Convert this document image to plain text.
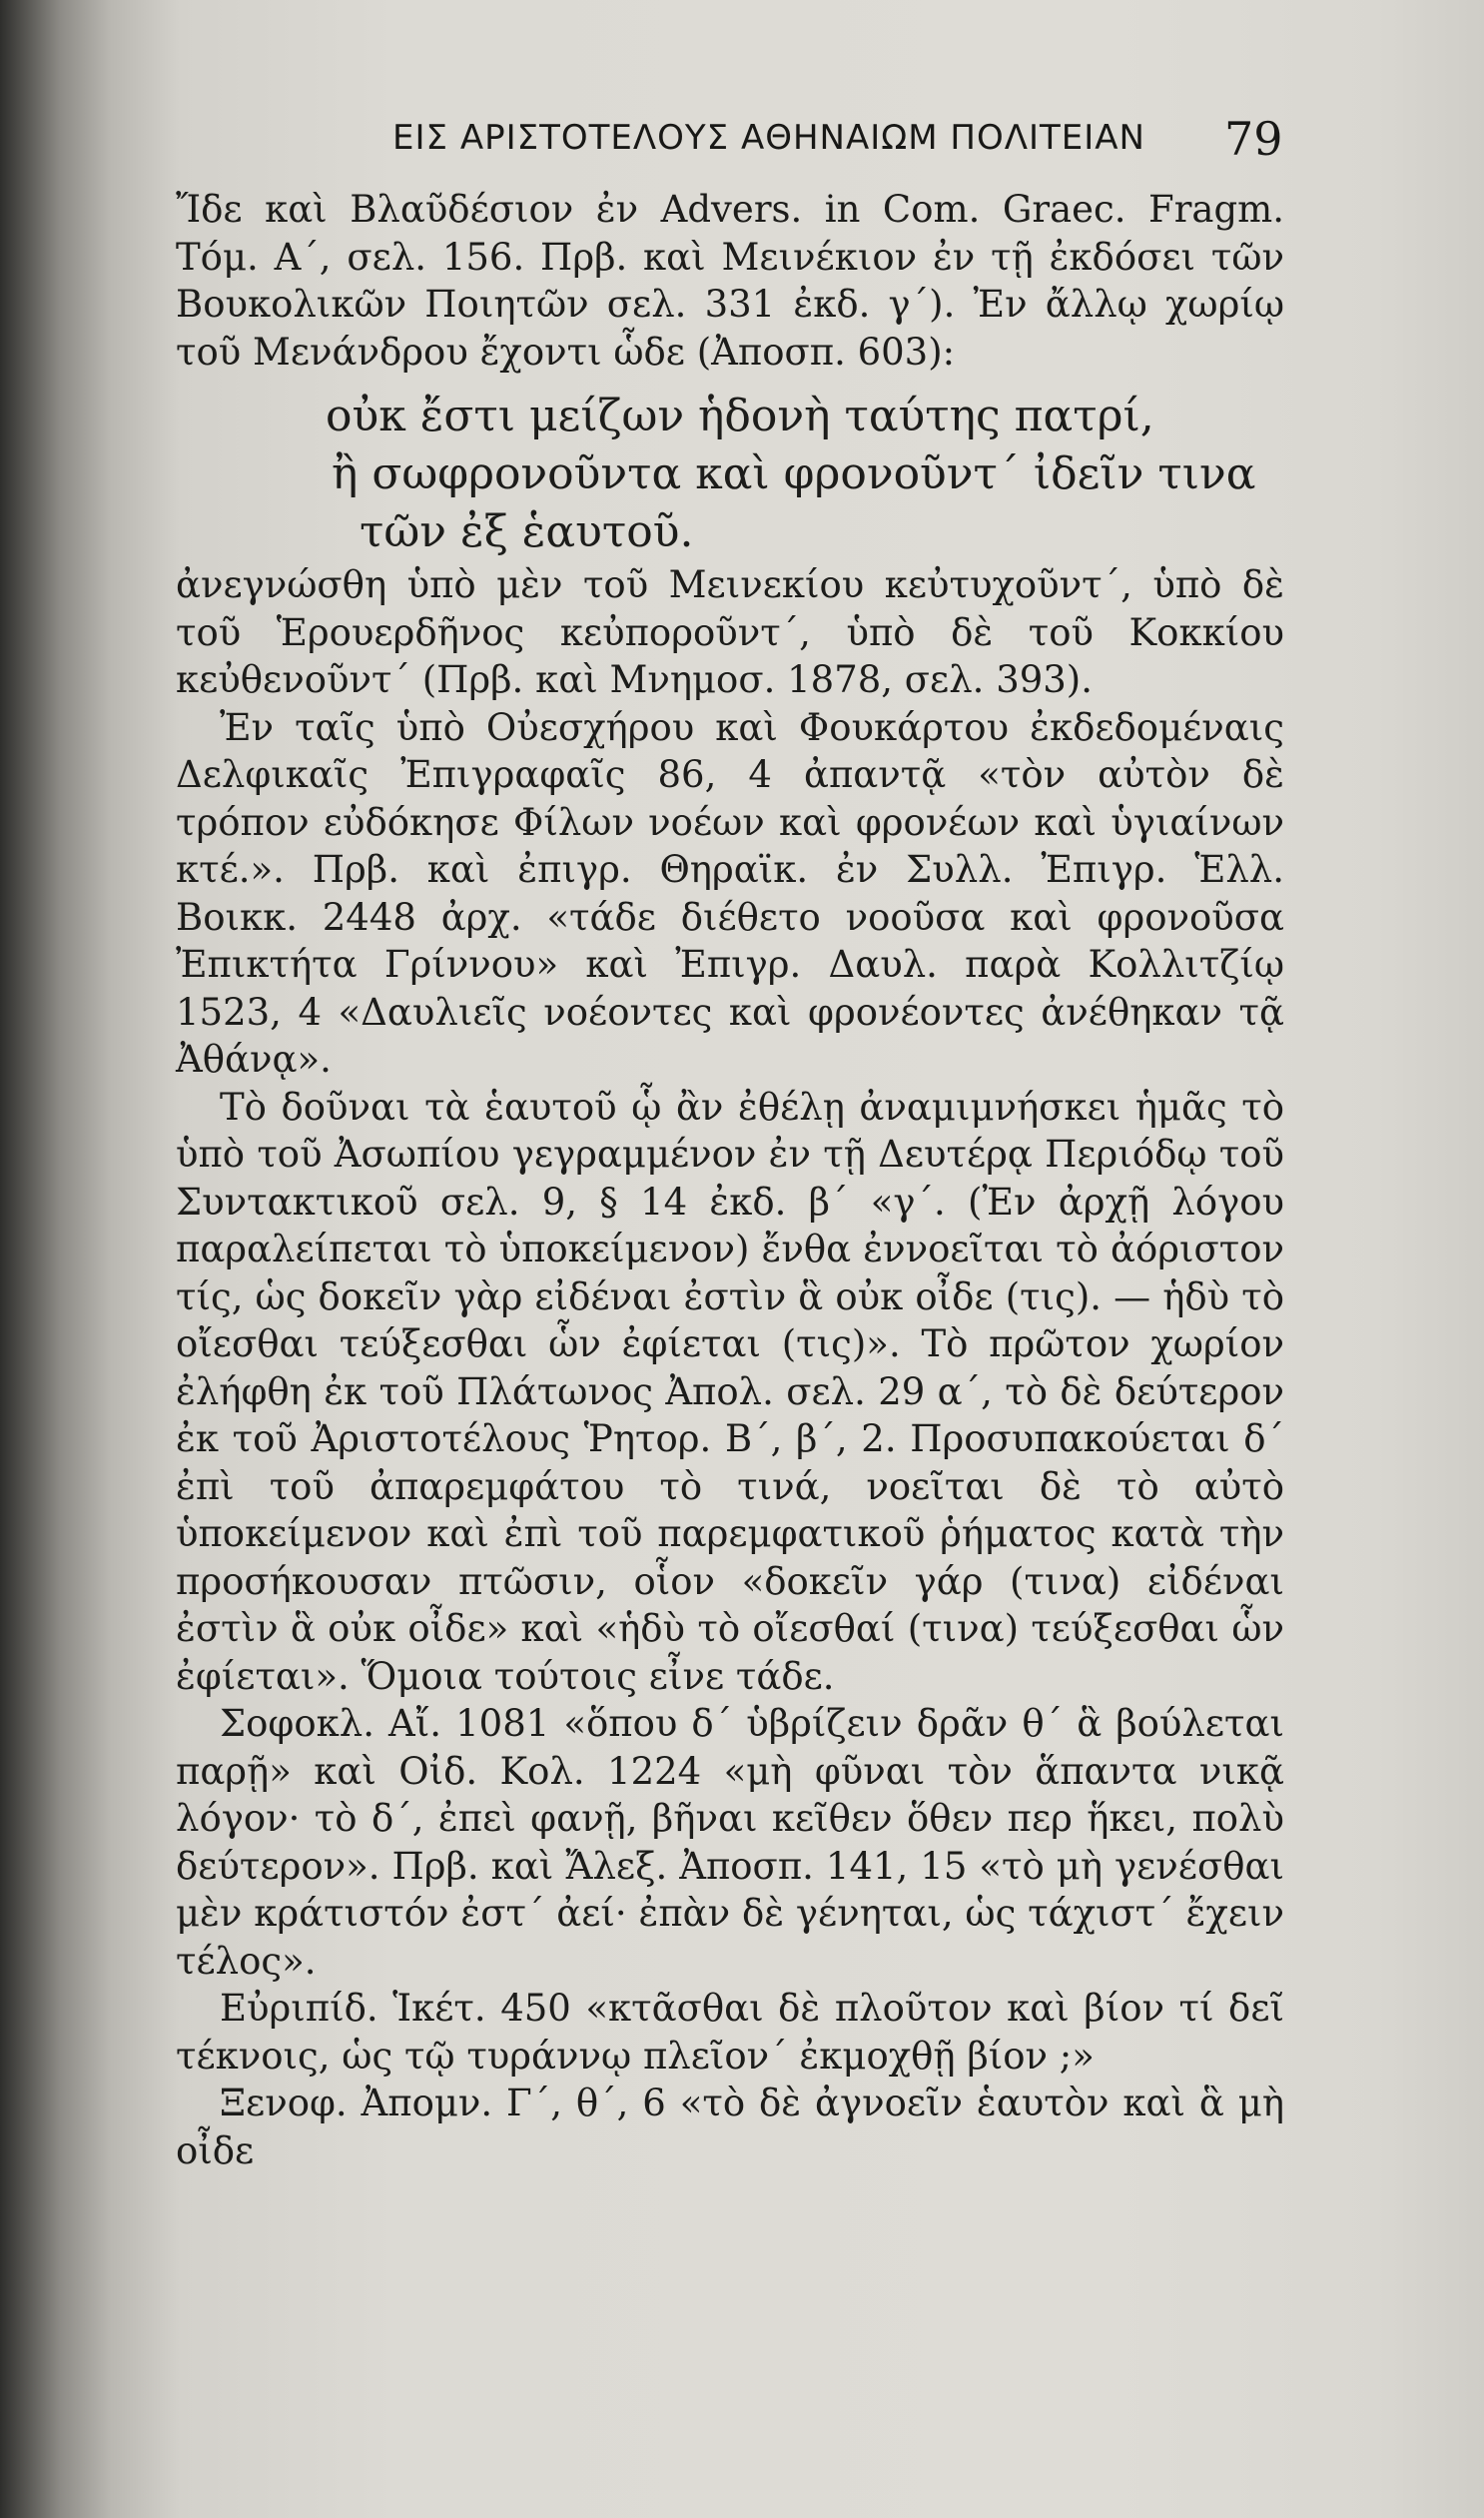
ΕΙΣ ΑΡΙΣΤΟΤΕΛΟΥΣ ΑΘΗΝΑΙΩΜ ΠΟΛΙΤΕΙΑΝ	79

Ἴδε καὶ Βλαῦδέσιον ἐν Advers. in Com. Graec. Fragm. Τόμ. Α΄, σελ. 156. Πρβ. καὶ Μεινέκιον ἐν τῇ ἐκδόσει τῶν Βουκολικῶν Ποιητῶν σελ. 331 ἐκδ. γ΄). Ἐν ἄλλῳ χωρίῳ τοῦ Μενάνδρου ἔχοντι ὧδε (Ἀποσπ. 603):

οὐκ ἔστι μείζων ἡδονὴ ταύτης πατρί,
ἢ σωφρονοῦντα καὶ φρονοῦντ΄ ἰδεῖν τινα
τῶν ἐξ ἑαυτοῦ.

ἀνεγνώσθη ὑπὸ μὲν τοῦ Μεινεκίου κεὐτυχοῦντ΄, ὑπὸ δὲ τοῦ Ἑρουερδῆνος κεὐπορoῦντ΄, ὑπὸ δὲ τοῦ Κοκκίου κεὐθενοῦντ΄ (Πρβ. καὶ Μνημοσ. 1878, σελ. 393).

Ἐν ταῖς ὑπὸ Οὐεσχήρου καὶ Φουκάρτου ἐκδεδομέναις Δελφικαῖς Ἐπιγραφαῖς 86, 4 ἀπαντᾷ «τὸν αὐτὸν δὲ τρόπον εὐδόκησε Φίλων νοέων καὶ φρονέων καὶ ὑγιαίνων κτέ.». Πρβ. καὶ ἐπιγρ. Θηραϊκ. ἐν Συλλ. Ἐπιγρ. Ἑλλ. Βοικκ. 2448 ἀρχ. «τάδε διέθετο νοοῦσα καὶ φρονοῦσα Ἐπικτήτα Γρίννου» καὶ Ἐπιγρ. Δαυλ. παρὰ Κολλιτζίῳ 1523, 4 «Δαυλιεῖς νοέοντες καὶ φρονέοντες ἀνέθηκαν τᾷ Ἀθάνᾳ».

Τὸ δοῦναι τὰ ἑαυτοῦ ᾧ ἂν ἐθέλῃ ἀναμιμνήσκει ἡμᾶς τὸ ὑπὸ τοῦ Ἀσωπίου γεγραμμένον ἐν τῇ Δευτέρᾳ Περιόδῳ τοῦ Συντακτικοῦ σελ. 9, § 14 ἐκδ. β΄ «γ΄. (Ἐν ἀρχῇ λόγου παραλείπεται τὸ ὑποκείμενον) ἔνθα ἐννοεῖται τὸ ἀόριστον τίς, ὡς δοκεῖν γὰρ εἰδέναι ἐστὶν ἃ οὐκ οἶδε (τις). — ἡδὺ τὸ οἴεσθαι τεύξεσθαι ὧν ἐφίεται (τις)». Τὸ πρῶτον χωρίον ἐλήφθη ἐκ τοῦ Πλάτωνος Ἀπολ. σελ. 29 α΄, τὸ δὲ δεύτερον ἐκ τοῦ Ἀριστοτέλους Ῥητορ. Β΄, β΄, 2. Προσυπακούεται δ΄ ἐπὶ τοῦ ἀπαρεμφάτου τὸ τινά, νοεῖται δὲ τὸ αὐτὸ ὑποκείμενον καὶ ἐπὶ τοῦ παρεμφατικοῦ ῥήματος κατὰ τὴν προσήκουσαν πτῶσιν, οἷον «δοκεῖν γάρ (τινα) εἰδέναι ἐστὶν ἃ οὐκ οἶδε» καὶ «ἡδὺ τὸ οἴεσθαί (τινα) τεύξεσθαι ὧν ἐφίεται». Ὅμοια τούτοις εἶνε τάδε.

Σοφοκλ. Αἴ. 1081 «ὅπου δ΄ ὑβρίζειν δρᾶν θ΄ ἃ βούλεται παρῇ» καὶ Οἰδ. Κολ. 1224 «μὴ φῦναι τὸν ἅπαντα νικᾷ λόγον· τὸ δ΄, ἐπεὶ φανῇ, βῆναι κεῖθεν ὅθεν περ ἥκει, πολὺ δεύτερον». Πρβ. καὶ Ἄλεξ. Ἀποσπ. 141, 15 «τὸ μὴ γενέσθαι μὲν κράτιστόν ἐστ΄ ἀεί· ἐπὰν δὲ γένηται, ὡς τάχιστ΄ ἔχειν τέλος».

Εὐριπίδ. Ἱκέτ. 450 «κτᾶσθαι δὲ πλοῦτον καὶ βίον τί δεῖ τέκνοις, ὡς τῷ τυράννῳ πλεῖον΄ ἐκμοχθῇ βίον ;»

Ξενοφ. Ἀπομν. Γ΄, θ΄, 6 «τὸ δὲ ἀγνοεῖν ἑαυτὸν καὶ ἃ μὴ οἶδε
